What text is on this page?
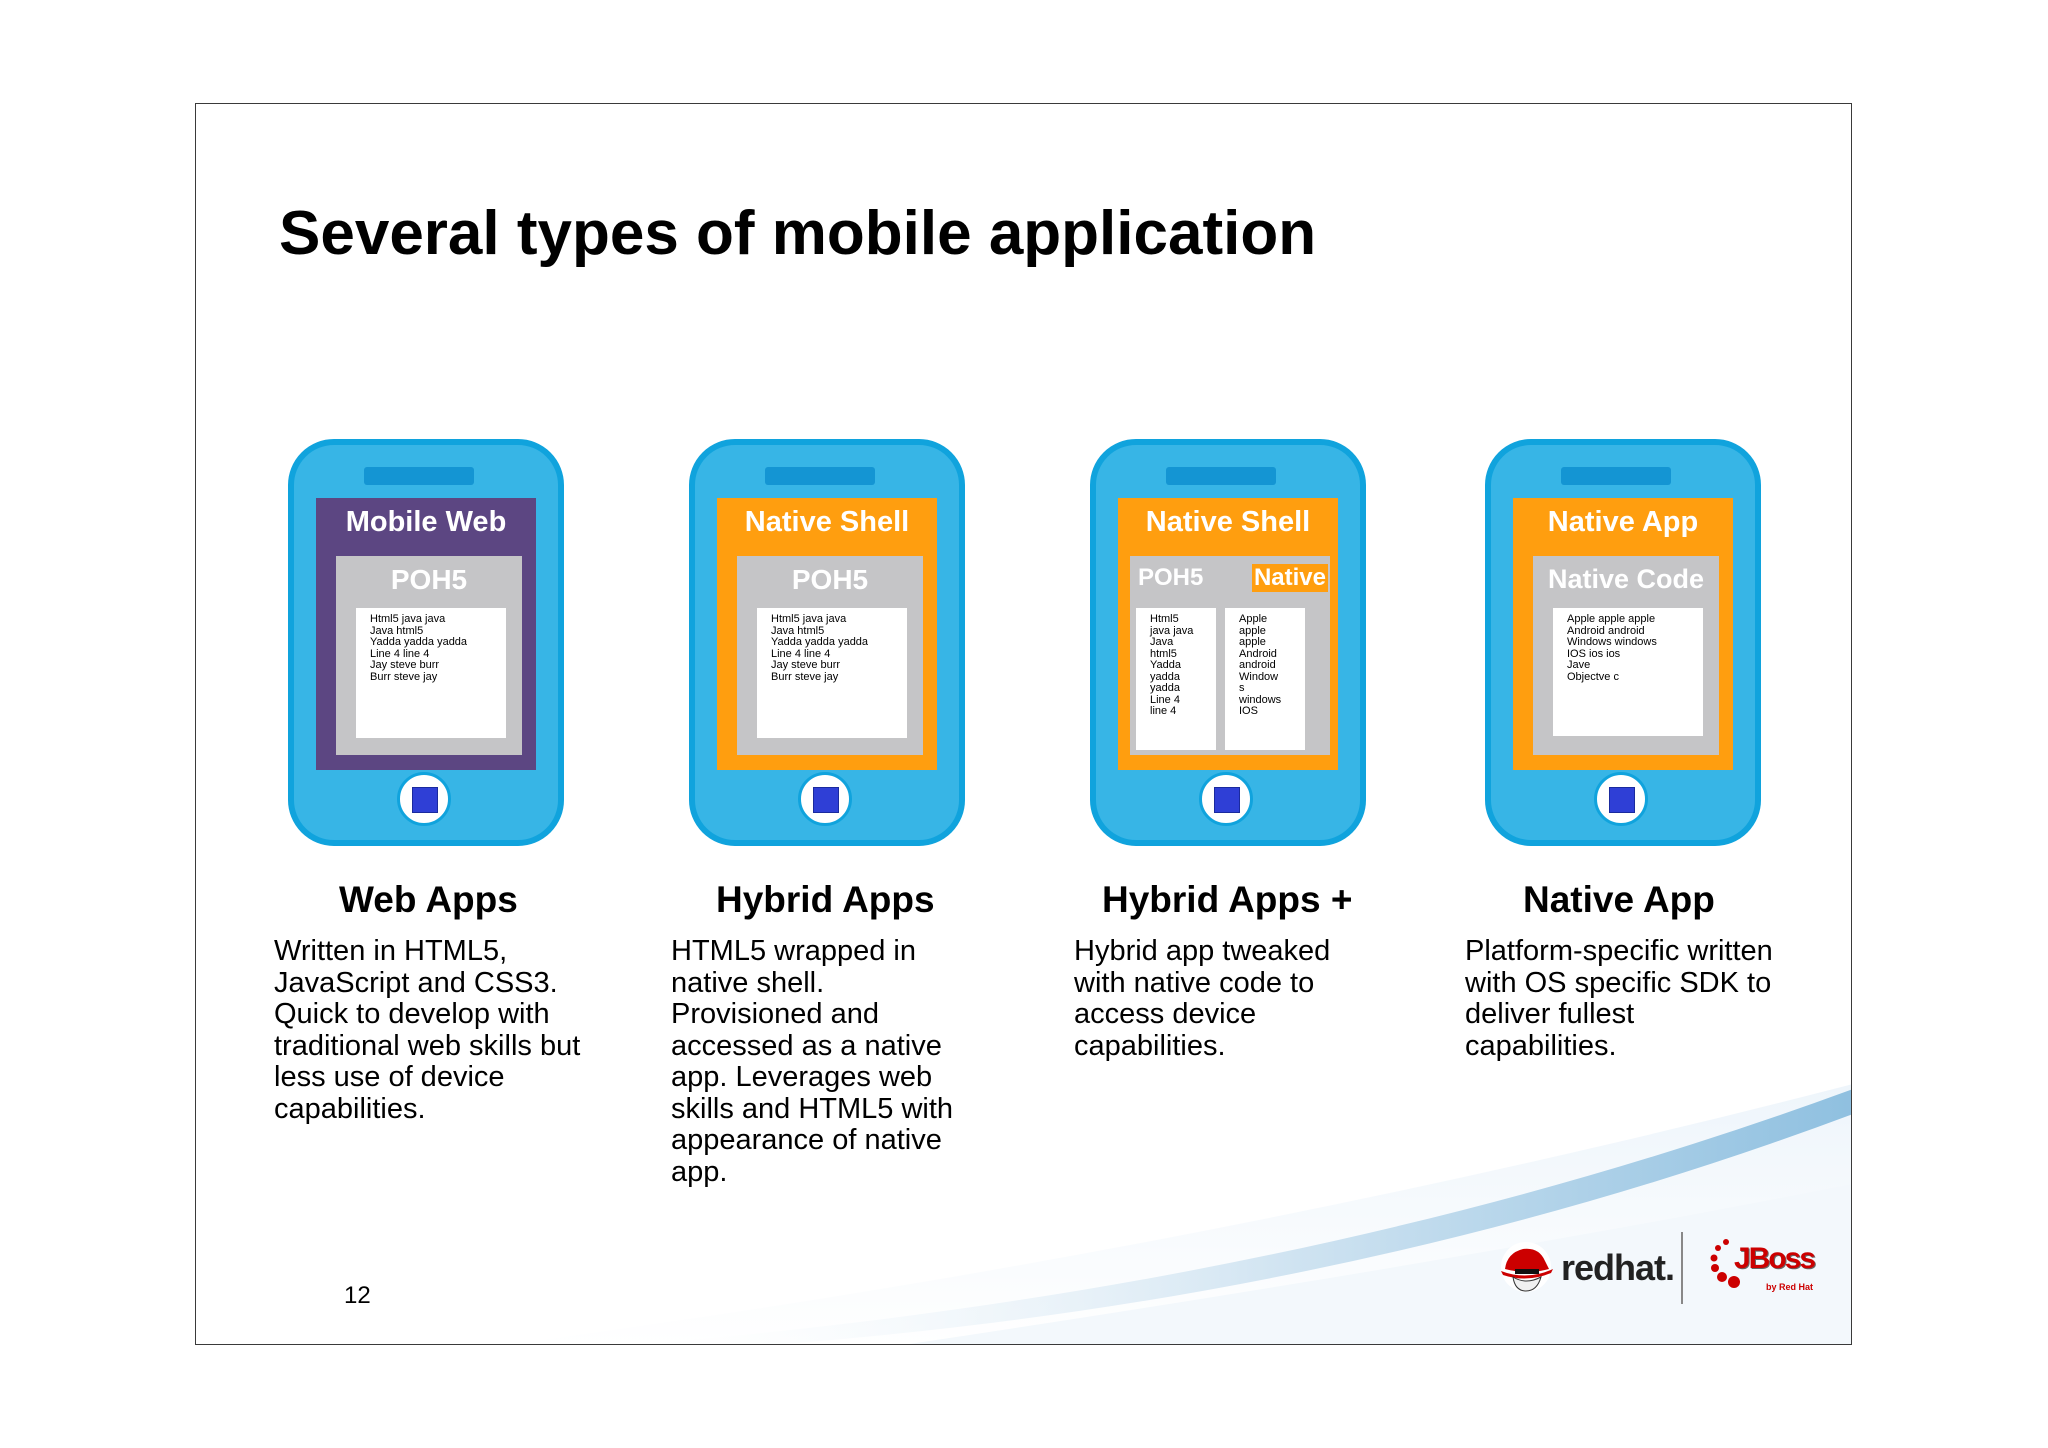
Several types of mobile application
Mobile Web
POH5
Html5 java java
Java html5
Yadda yadda yadda
Line 4 line 4
Jay steve burr
Burr steve jay
Native Shell
POH5
Html5 java java
Java html5
Yadda yadda yadda
Line 4 line 4
Jay steve burr
Burr steve jay
Native Shell
POH5 Native
Html5
java java
Java
html5
Yadda
yadda
yadda
Line 4
line 4
Apple
apple
apple
Android
android
Window
s
windows
IOS
Native App
Native Code
Apple apple apple
Android android
Windows windows
IOS ios ios
Jave
Objectve c
Web Apps	Hybrid Apps	Hybrid Apps +	Native App
Written in HTML5,
JavaScript and CSS3.
Quick to develop with
traditional web skills but
less use of device
capabilities.
HTML5 wrapped in
native shell.
Provisioned and
accessed as a native
app. Leverages web
skills and HTML5 with
appearance of native
app.
Hybrid app tweaked
with native code to
access device
capabilities.
Platform-specific written
with OS specific SDK to
deliver fullest
capabilities.
12
redhat. JBoss
by Red Hat
